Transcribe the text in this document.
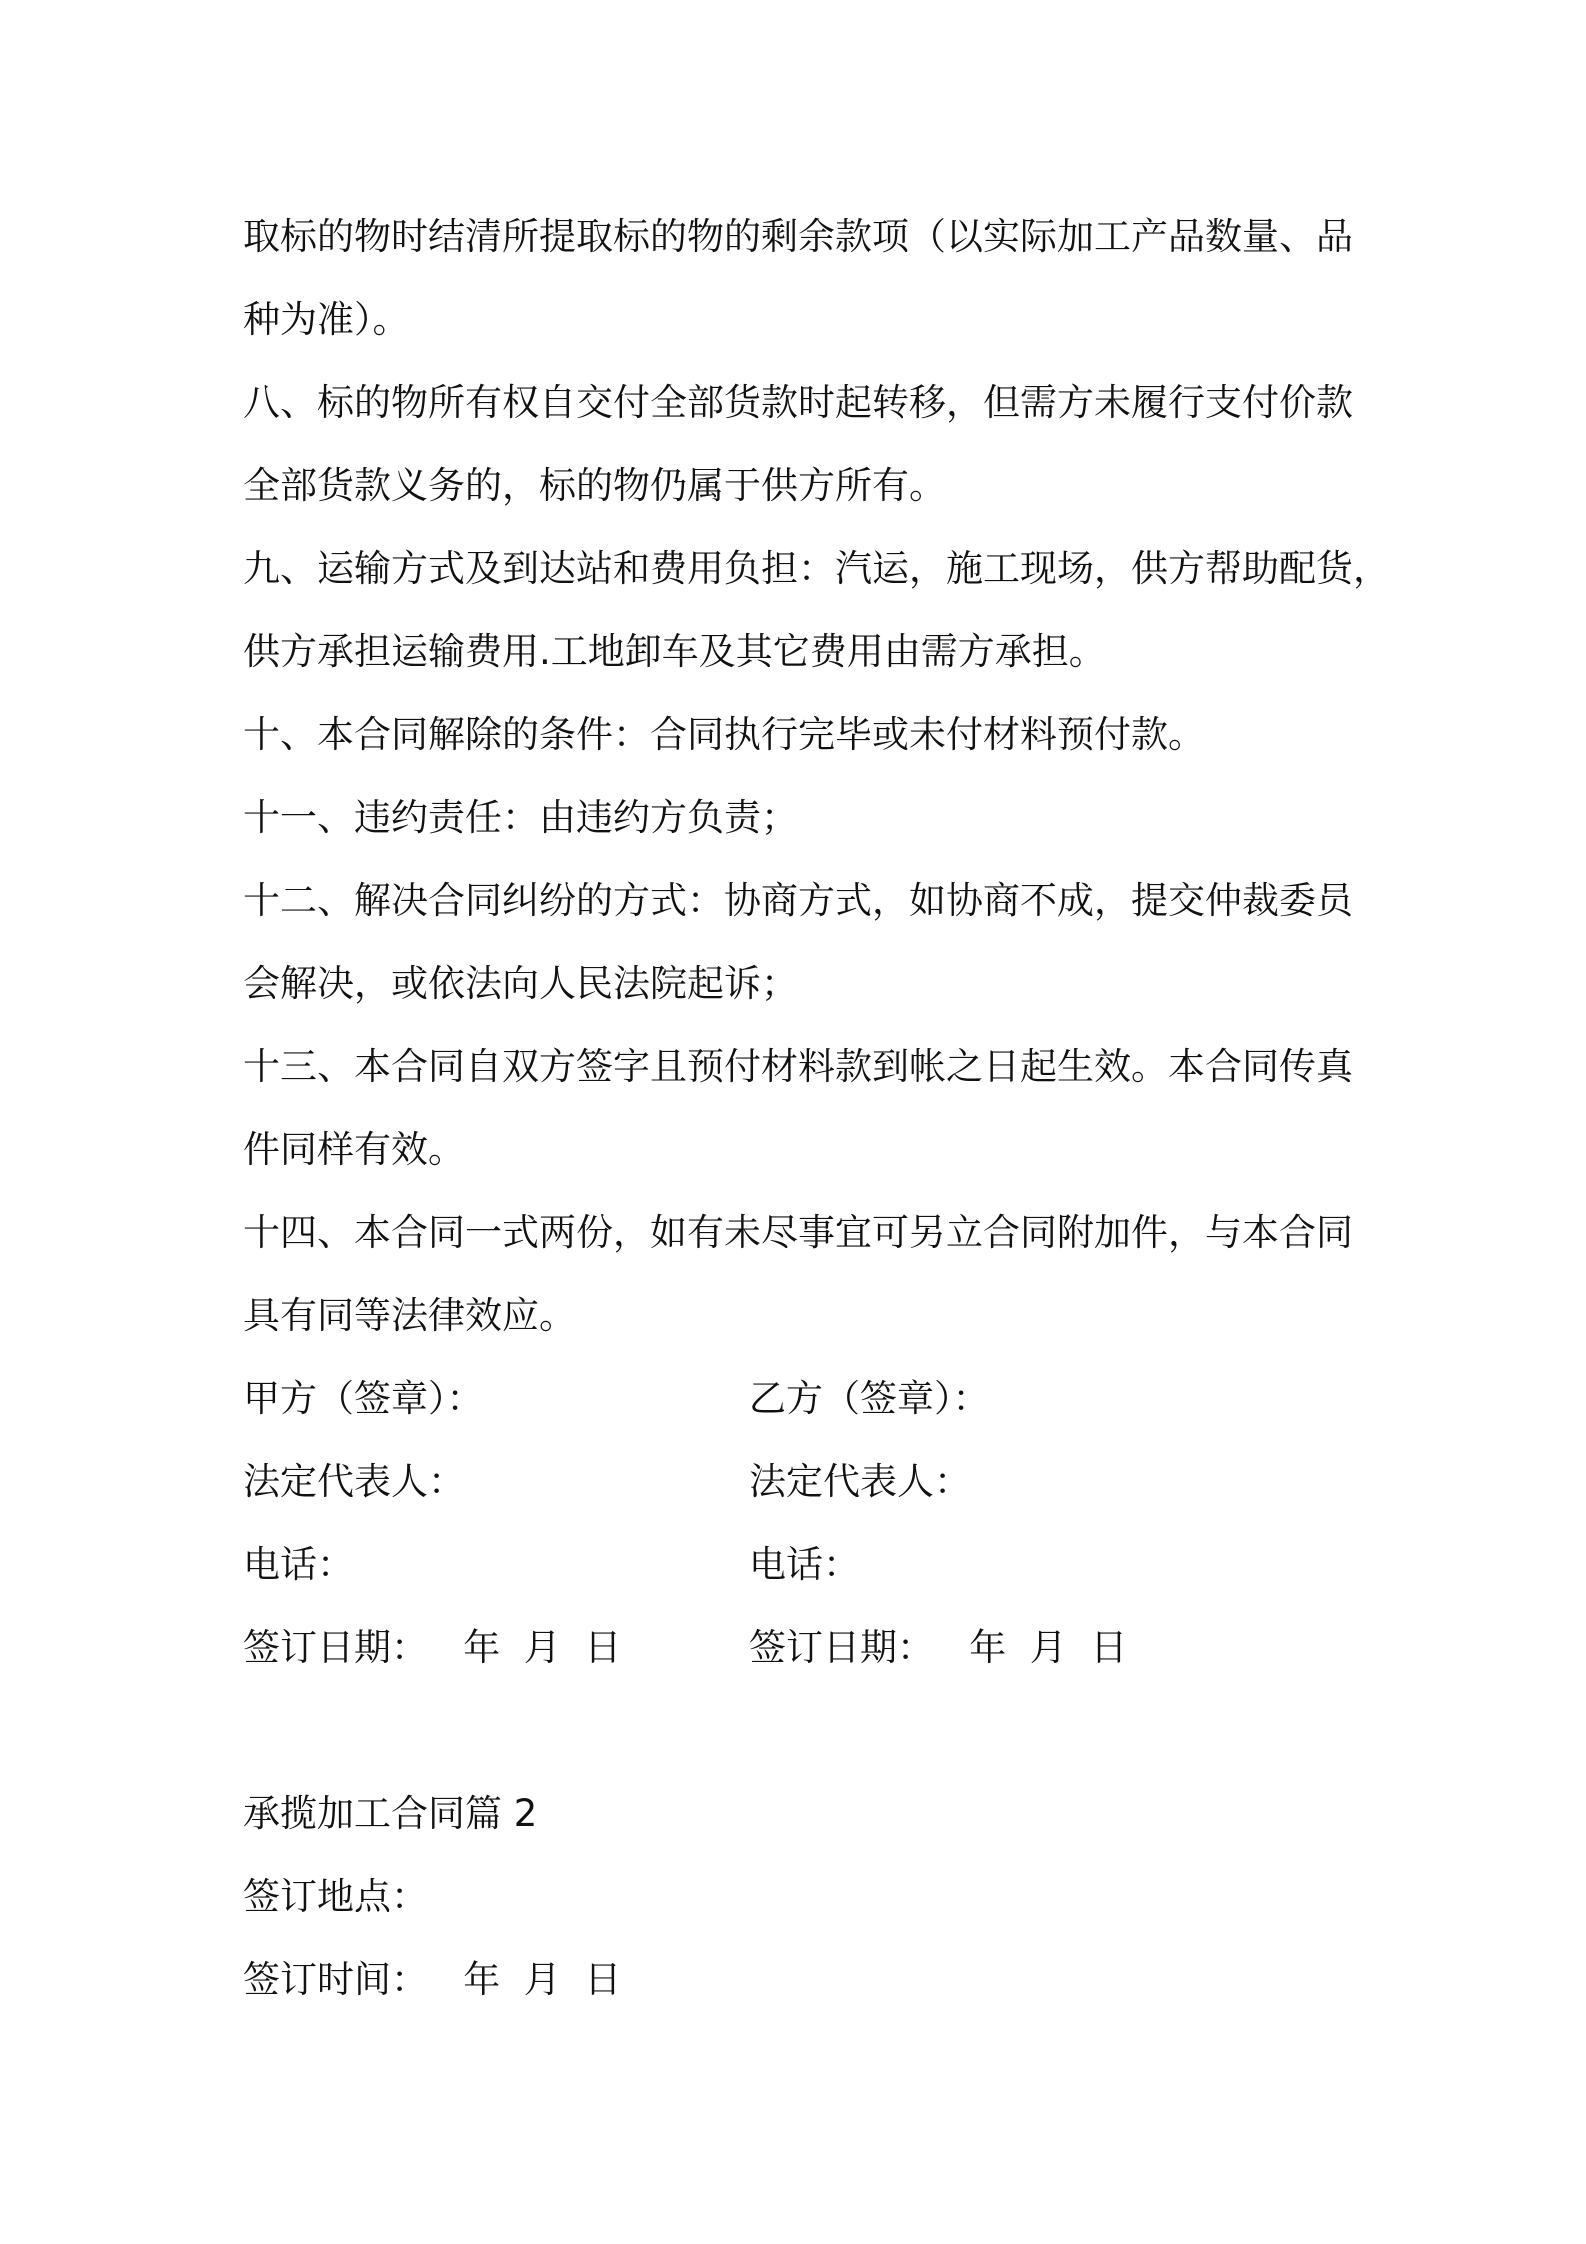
取标的物时结清所提取标的物的剩余款项（以实际加工产品数量、品
种为准）。
八、标的物所有权自交付全部货款时起转移，但需方未履行支付价款
全部货款义务的，标的物仍属于供方所有。
九、运输方式及到达站和费用负担：汽运，施工现场，供方帮助配货，
供方承担运输费用.工地卸车及其它费用由需方承担。
十、本合同解除的条件：合同执行完毕或未付材料预付款。
十一、违约责任：由违约方负责；
十二、解决合同纠纷的方式：协商方式，如协商不成，提交仲裁委员
会解决，或依法向人民法院起诉；
十三、本合同自双方签字且预付材料款到帐之日起生效。本合同传真
件同样有效。
十四、本合同一式两份，如有未尽事宜可另立合同附加件，与本合同
具有同等法律效应。
甲方（签章）：	乙方（签章）：
法定代表人：	法定代表人：
电话：	电话：
签订日期：   年  月  日	签订日期：   年  月  日
承揽加工合同篇 2
签订地点：
签订时间：   年  月  日
